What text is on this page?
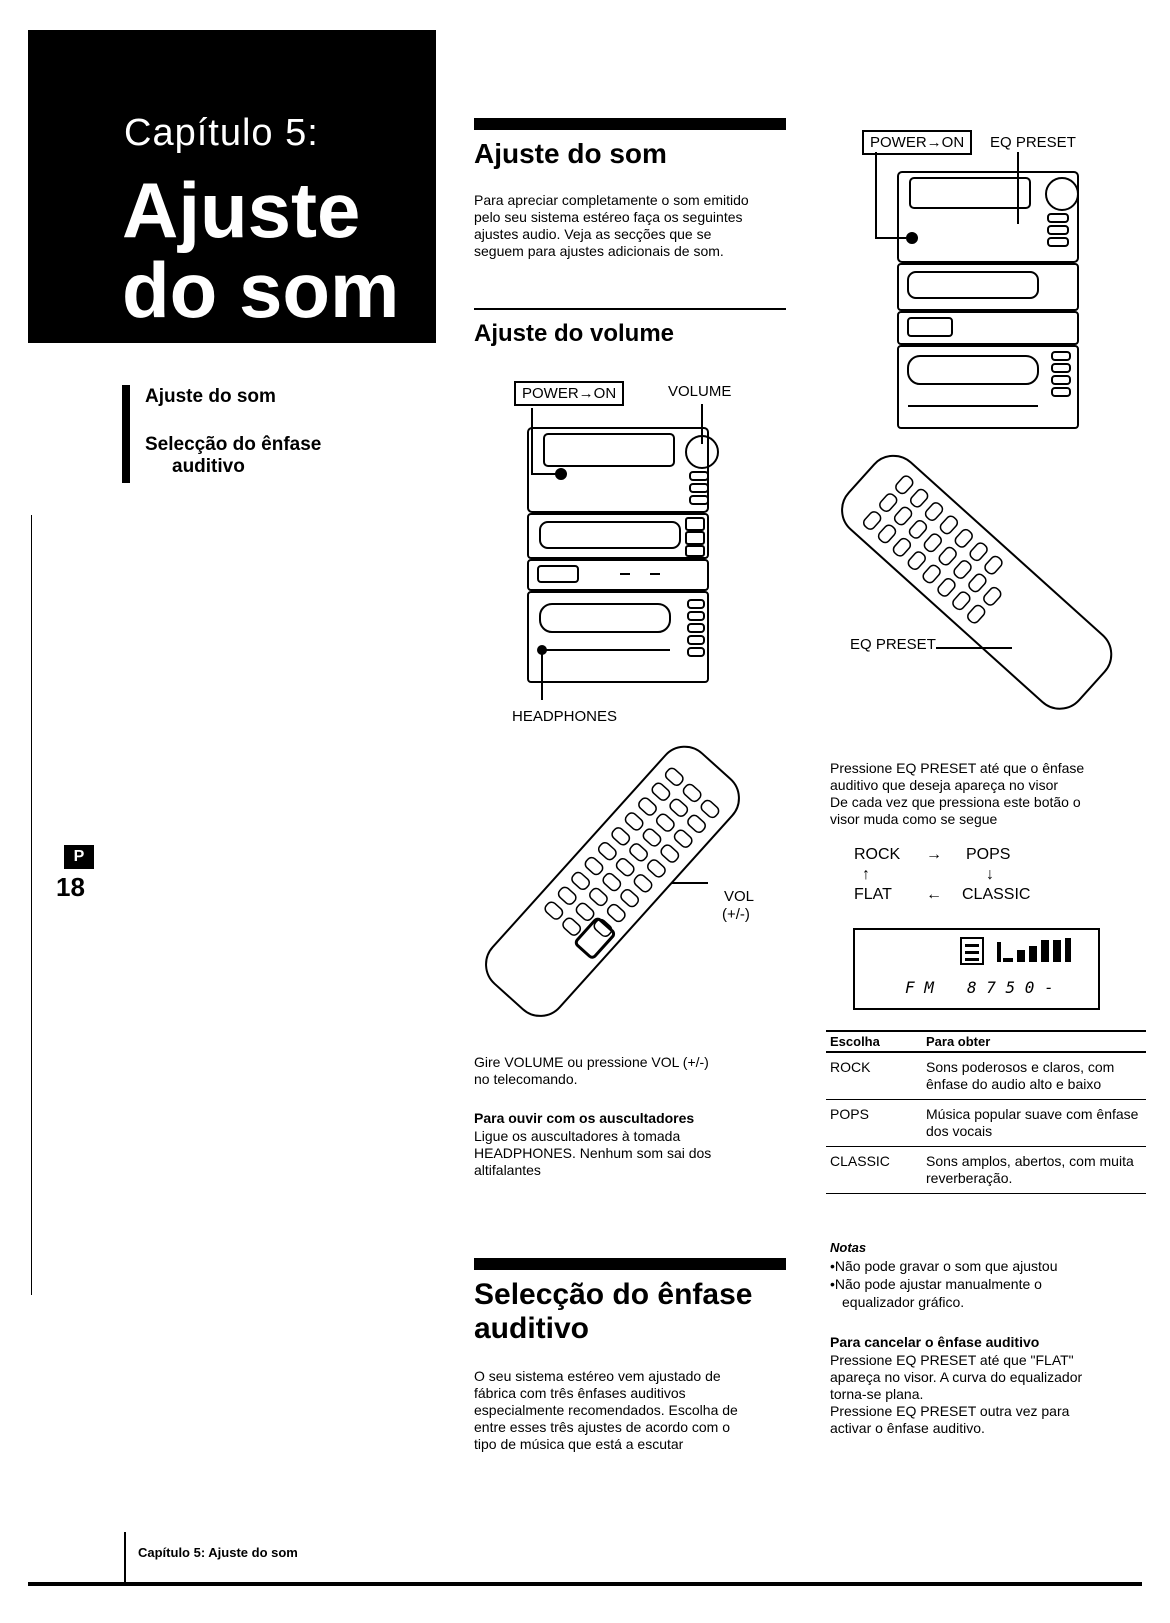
Capítulo 5:
Ajuste
do som
Ajuste do som
Selecção do ênfase
auditivo
P
18
Ajuste do som
Para apreciar completamente o som emitido
pelo seu sistema estéreo faça os seguintes
ajustes audio. Veja as secções que se
seguem para ajustes adicionais de som.
Ajuste do volume
POWER→ON	VOLUME
HEADPHONES
VOL
(+/-)
Gire VOLUME ou pressione VOL (+/-)
no telecomando.
Para ouvir com os auscultadores
Ligue os auscultadores à tomada
HEADPHONES. Nenhum som sai dos
altifalantes
Selecção do ênfase
auditivo
O seu sistema estéreo vem ajustado de
fábrica com três ênfases auditivos
especialmente recomendados. Escolha de
entre esses três ajustes de acordo com o
tipo de música que está a escutar
POWER→ON	EQ PRESET
EQ PRESET
Pressione EQ PRESET até que o ênfase
auditivo que deseja apareça no visor
De cada vez que pressiona este botão o
visor muda como se segue
ROCK → POPS
↑	↓
FLAT ← CLASSIC
F M 8 7 5 0 -
Escolha	Para obter
ROCK	Sons poderosos e claros, com ênfase do audio alto e baixo
POPS	Música popular suave com ênfase dos vocais
CLASSIC	Sons amplos, abertos, com muita reverberação.
Notas
•Não pode gravar o som que ajustou
•Não pode ajustar manualmente o
equalizador gráfico.
Para cancelar o ênfase auditivo
Pressione EQ PRESET até que "FLAT"
apareça no visor. A curva do equalizador
torna-se plana.
Pressione EQ PRESET outra vez para
activar o ênfase auditivo.
Capítulo 5: Ajuste do som
